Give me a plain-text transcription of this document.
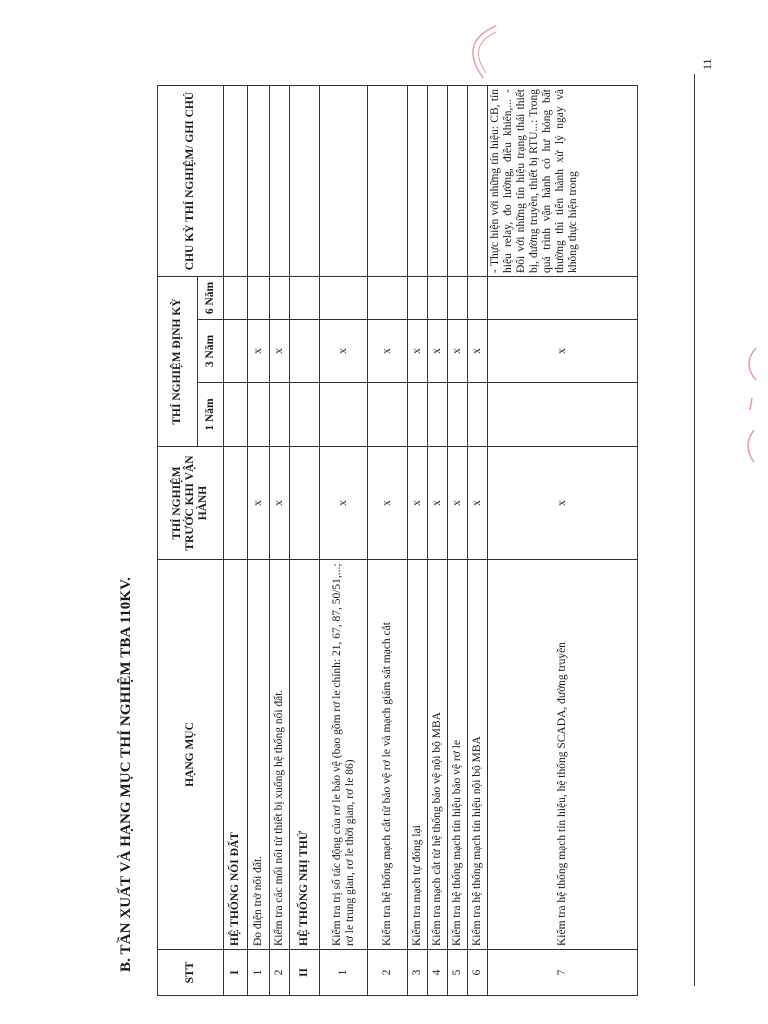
B. TẦN XUẤT VÀ HẠNG MỤC THÍ NGHIỆM TBA 110KV.
STT	HẠNG MỤC	THÍ NGHIỆM TRƯỚC KHI VẬN HÀNH	THÍ NGHIỆM ĐỊNH KỲ			CHU KỲ THÍ NGHIỆM/ GHI CHÚ
			1 Năm	3 Năm	6 Năm	
I	HỆ THỐNG NỐI ĐẤT					
1	Đo điện trở nối đất.	x		x		
2	Kiểm tra các mối nối từ thiết bị xuống hệ thống nối đất.	x		x		
II	HỆ THỐNG NHỊ THỨ					
1	Kiểm tra trị số tác động của rơ le bảo vệ (bao gồm rơ le chính: 21, 67, 87, 50/51,...; rơ le trung gian, rơ le thời gian, rơ le 86)	x		x		
2	Kiểm tra hệ thống mạch cắt từ bảo vệ rơ le và mạch giám sát mạch cắt	x		x		
3	Kiểm tra mạch tự đóng lại	x		x		
4	Kiểm tra mạch cắt từ hệ thống bảo vệ nội bộ MBA	x		x		
5	Kiểm tra hệ thống mạch tín hiệu bảo vệ rơ le	x		x		
6	Kiểm tra hệ thống mạch tín hiệu nội bộ MBA	x		x		
7	Kiểm tra hệ thống mạch tín hiệu, hệ thống SCADA, đường truyền	x		x		- Thực hiện với những tín hiệu: CB, tín hiệu relay, đo lường, điều khiển,... - Đối với những tín hiệu trạng thái thiết bị, đường truyền, thiết bị RTU...: Trong quá trình vận hành có hư hỏng bất thường thì tiến hành xử lý ngay và không thực hiện trong
11
